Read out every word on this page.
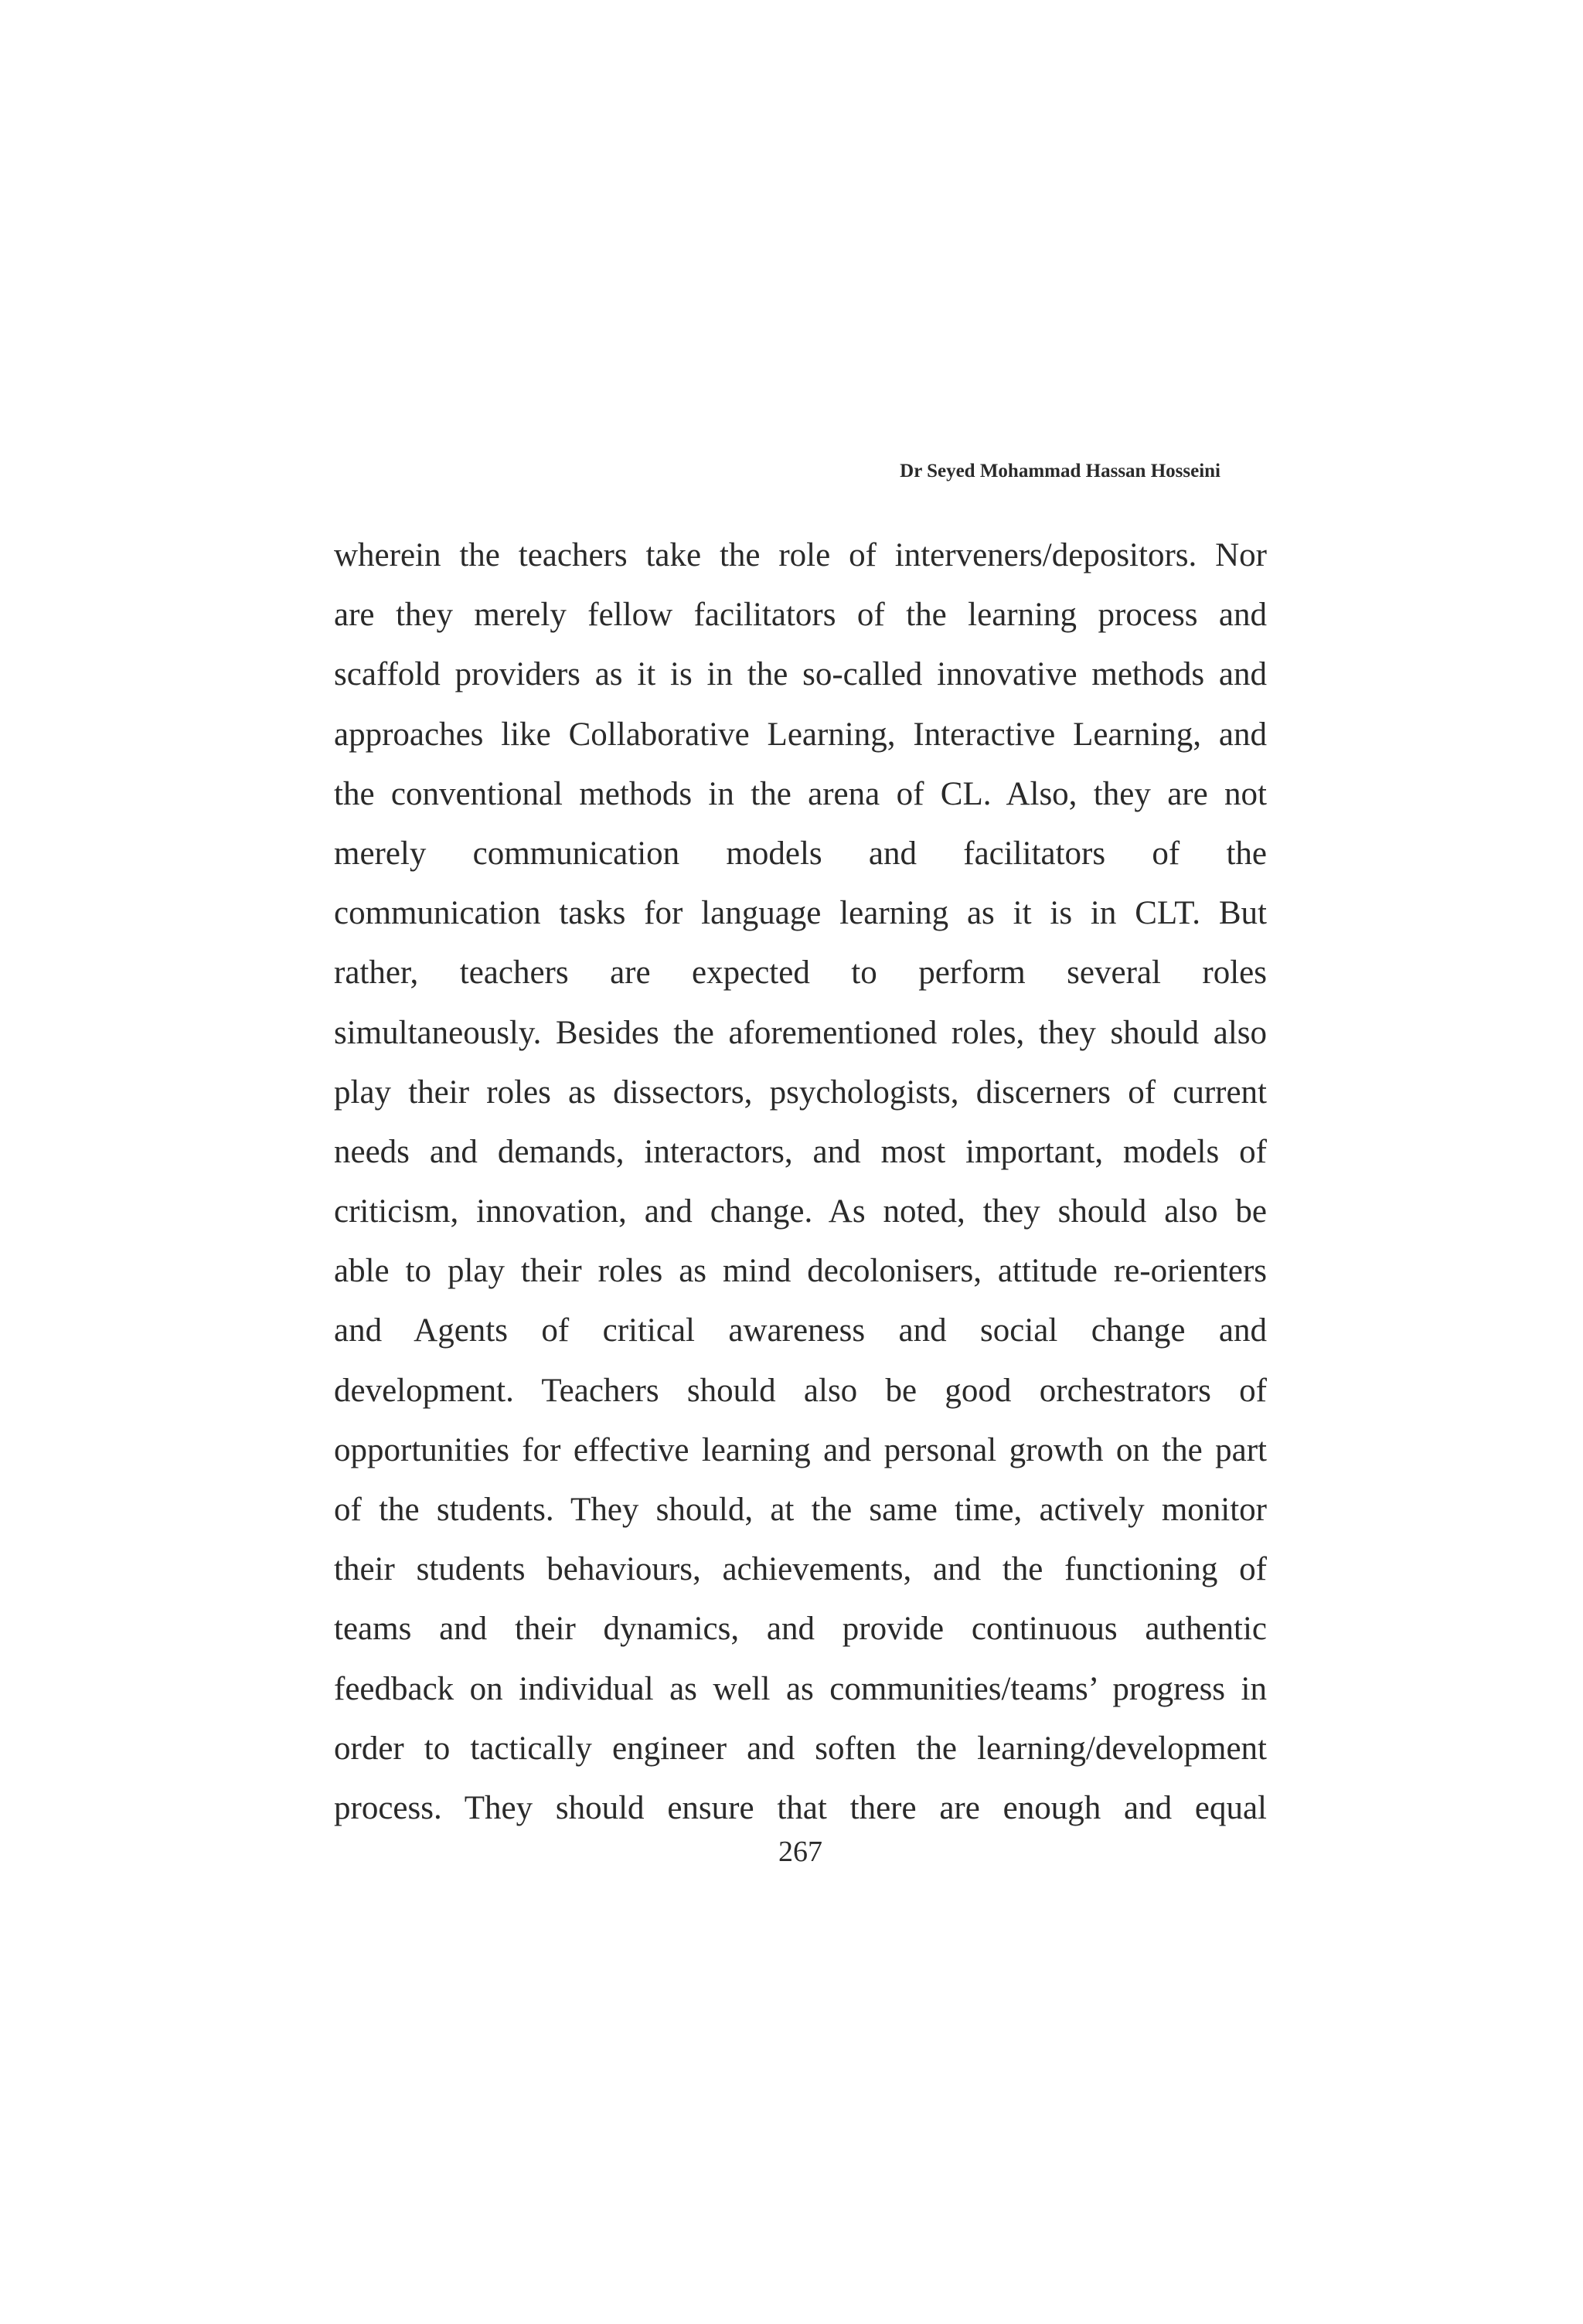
Dr Seyed Mohammad Hassan Hosseini
wherein the teachers take the role of interveners/depositors. Nor
are they merely fellow facilitators of the learning process and
scaffold providers as it is in the so-called innovative methods and
approaches like Collaborative Learning, Interactive Learning, and
the conventional methods in the arena of CL. Also, they are not
merely communication models and facilitators of the
communication tasks for language learning as it is in CLT. But
rather, teachers are expected to perform several roles
simultaneously. Besides the aforementioned roles, they should also
play their roles as dissectors, psychologists, discerners of current
needs and demands, interactors, and most important, models of
criticism, innovation, and change. As noted, they should also be
able to play their roles as mind decolonisers, attitude re-orienters
and Agents of critical awareness and social change and
development. Teachers should also be good orchestrators of
opportunities for effective learning and personal growth on the part
of the students. They should, at the same time, actively monitor
their students behaviours, achievements, and the functioning of
teams and their dynamics, and provide continuous authentic
feedback on individual as well as communities/teams’ progress in
order to tactically engineer and soften the learning/development
process. They should ensure that there are enough and equal
267
